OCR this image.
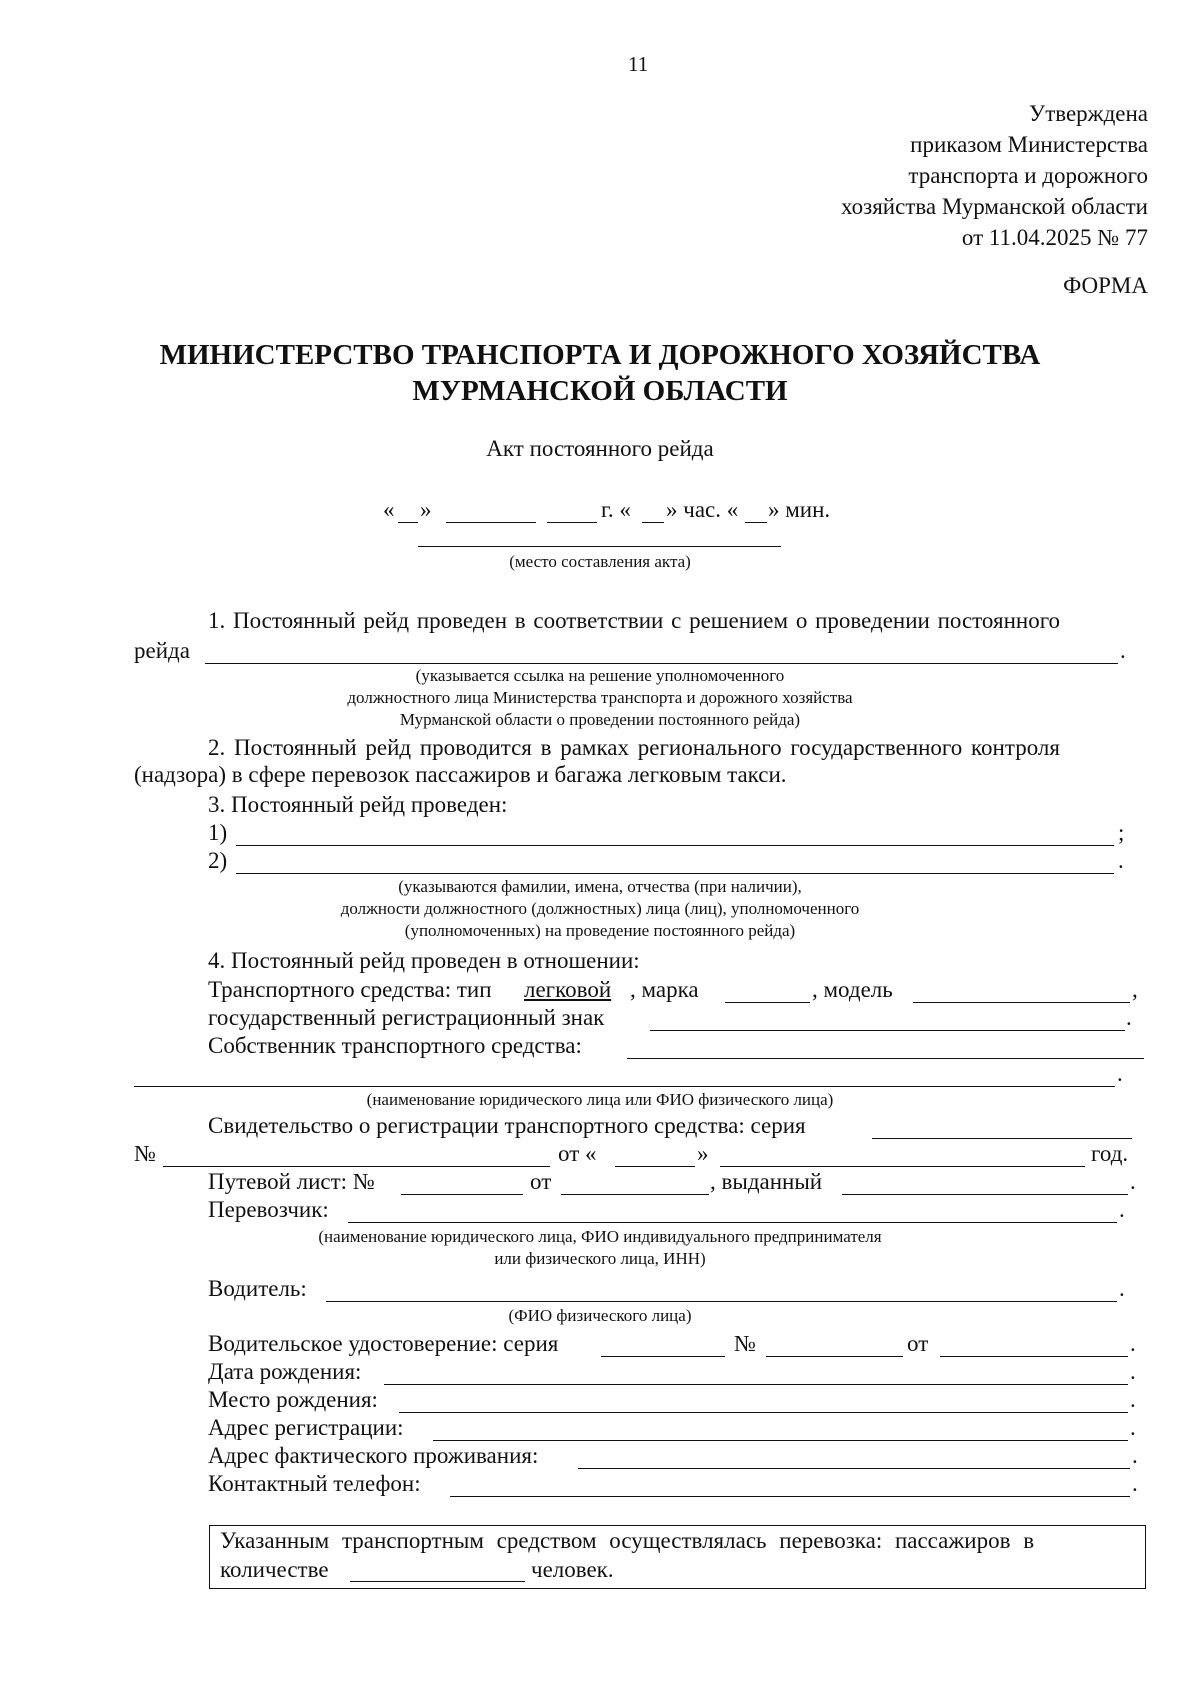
11
Утверждена
приказом Министерства
транспорта и дорожного
хозяйства Мурманской области
от 11.04.2025 № 77
ФОРМА
МИНИСТЕРСТВО ТРАНСПОРТА И ДОРОЖНОГО ХОЗЯЙСТВА
МУРМАНСКОЙ ОБЛАСТИ
Акт постоянного рейда
« »	г. « » час. « » мин.
(место составления акта)
1. Постоянный рейд проведен в соответствии с решением о проведении постоянного
рейда	.
(указывается ссылка на решение уполномоченного
должностного лица Министерства транспорта и дорожного хозяйства
Мурманской области о проведении постоянного рейда)
2. Постоянный рейд проводится в рамках регионального государственного контроля
(надзора) в сфере перевозок пассажиров и багажа легковым такси.
3. Постоянный рейд проведен:
1)	;
2)	.
(указываются фамилии, имена, отчества (при наличии),
должности должностного (должностных) лица (лиц), уполномоченного
(уполномоченных) на проведение постоянного рейда)
4. Постоянный рейд проведен в отношении:
Транспортного средства: тип легковой , марка	, модель	,
государственный регистрационный знак	.
Собственник транспортного средства:
.
(наименование юридического лица или ФИО физического лица)
Свидетельство о регистрации транспортного средства: серия
№	от «	»	год.
Путевой лист: №	от	, выданный	.
Перевозчик:	.
(наименование юридического лица, ФИО индивидуального предпринимателя
или физического лица, ИНН)
Водитель:	.
(ФИО физического лица)
Водительское удостоверение: серия	№	от	.
Дата рождения:	.
Место рождения:	.
Адрес регистрации:	.
Адрес фактического проживания:	.
Контактный телефон:	.
Указанным транспортным средством осуществлялась перевозка: пассажиров в
количестве	человек.
